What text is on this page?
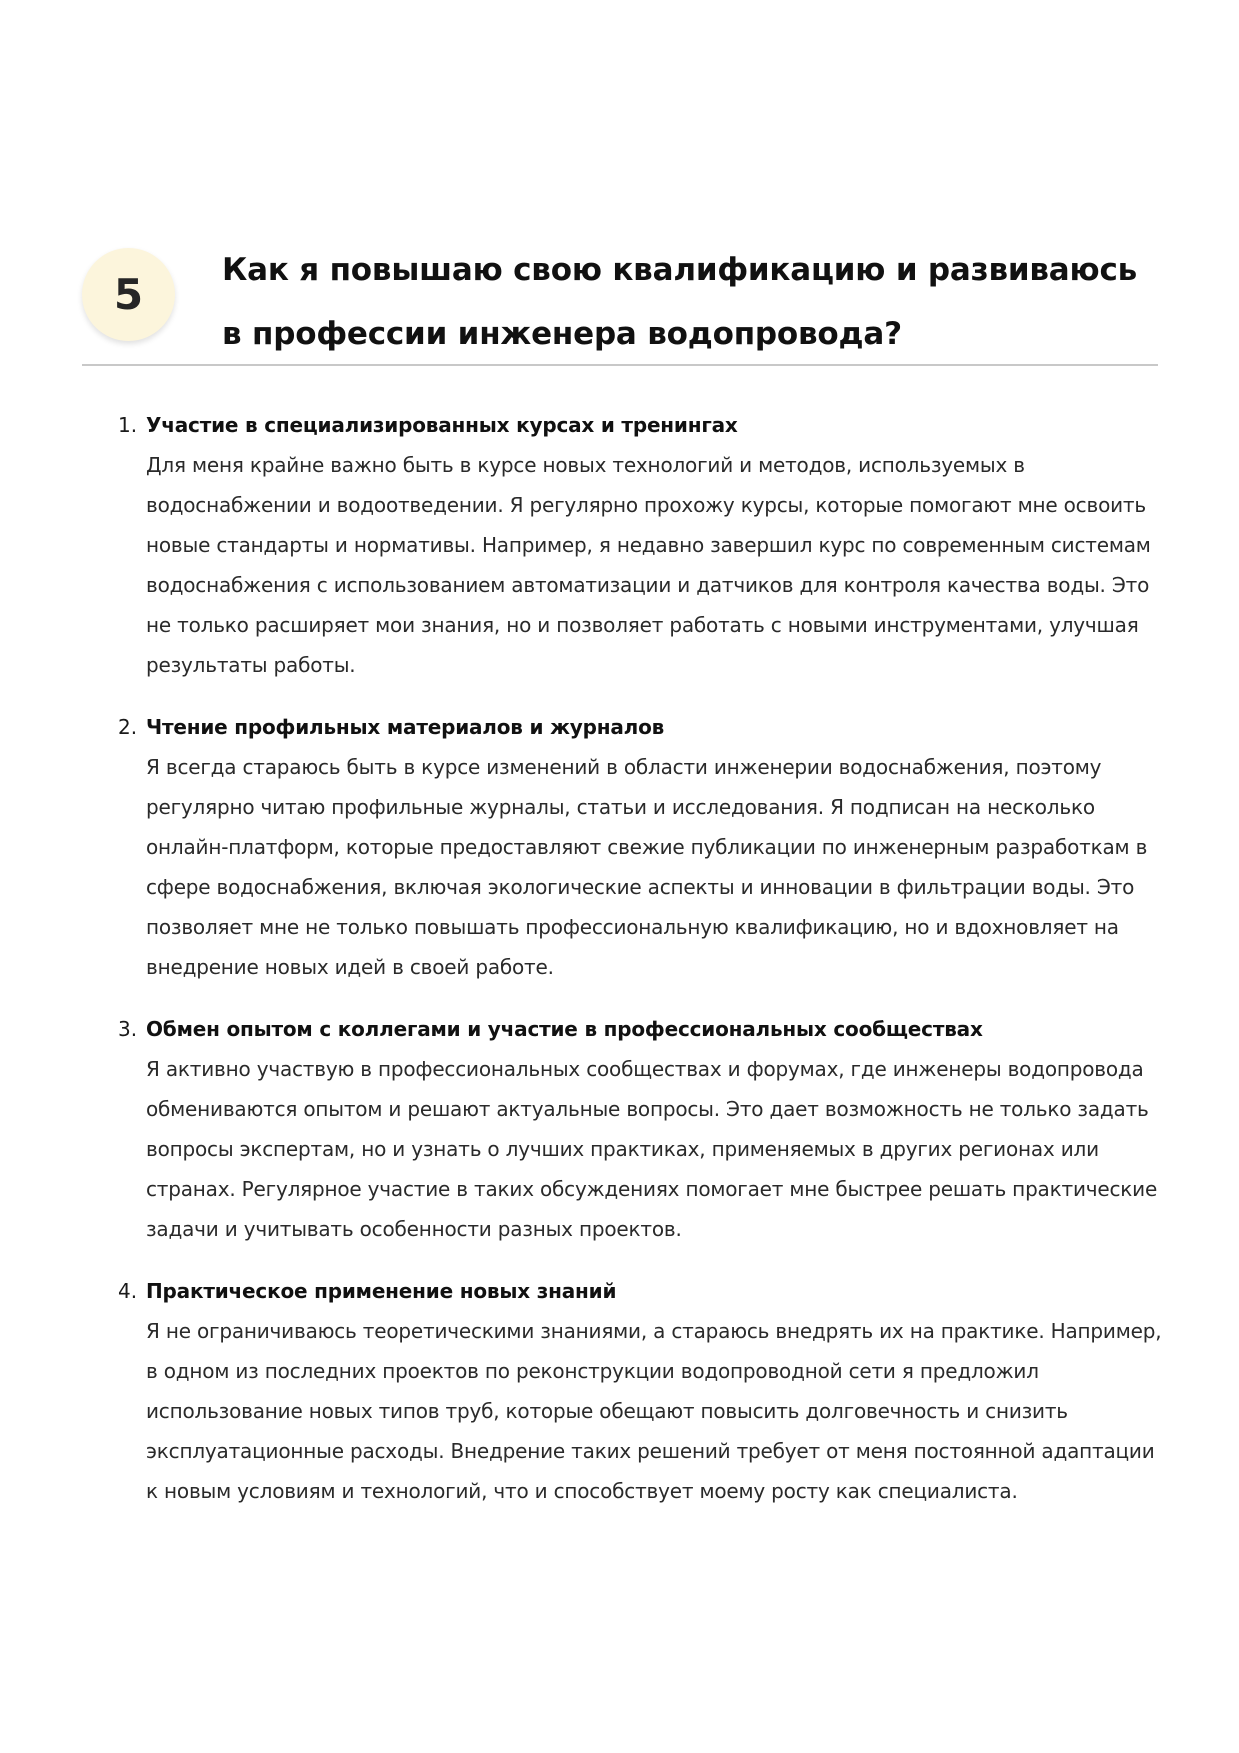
5	Как я повышаю свою квалификацию и развиваюсь в профессии инженера водопровода?
1. Участие в специализированных курсах и тренингах

Для меня крайне важно быть в курсе новых технологий и методов, используемых в водоснабжении и водоотведении. Я регулярно прохожу курсы, которые помогают мне освоить новые стандарты и нормативы. Например, я недавно завершил курс по современным системам водоснабжения с использованием автоматизации и датчиков для контроля качества воды. Это не только расширяет мои знания, но и позволяет работать с новыми инструментами, улучшая результаты работы.

2. Чтение профильных материалов и журналов

Я всегда стараюсь быть в курсе изменений в области инженерии водоснабжения, поэтому регулярно читаю профильные журналы, статьи и исследования. Я подписан на несколько онлайн-платформ, которые предоставляют свежие публикации по инженерным разработкам в сфере водоснабжения, включая экологические аспекты и инновации в фильтрации воды. Это позволяет мне не только повышать профессиональную квалификацию, но и вдохновляет на внедрение новых идей в своей работе.

3. Обмен опытом с коллегами и участие в профессиональных сообществах

Я активно участвую в профессиональных сообществах и форумах, где инженеры водопровода обмениваются опытом и решают актуальные вопросы. Это дает возможность не только задать вопросы экспертам, но и узнать о лучших практиках, применяемых в других регионах или странах. Регулярное участие в таких обсуждениях помогает мне быстрее решать практические задачи и учитывать особенности разных проектов.

4. Практическое применение новых знаний

Я не ограничиваюсь теоретическими знаниями, а стараюсь внедрять их на практике. Например, в одном из последних проектов по реконструкции водопроводной сети я предложил использование новых типов труб, которые обещают повысить долговечность и снизить эксплуатационные расходы. Внедрение таких решений требует от меня постоянной адаптации к новым условиям и технологий, что и способствует моему росту как специалиста.
